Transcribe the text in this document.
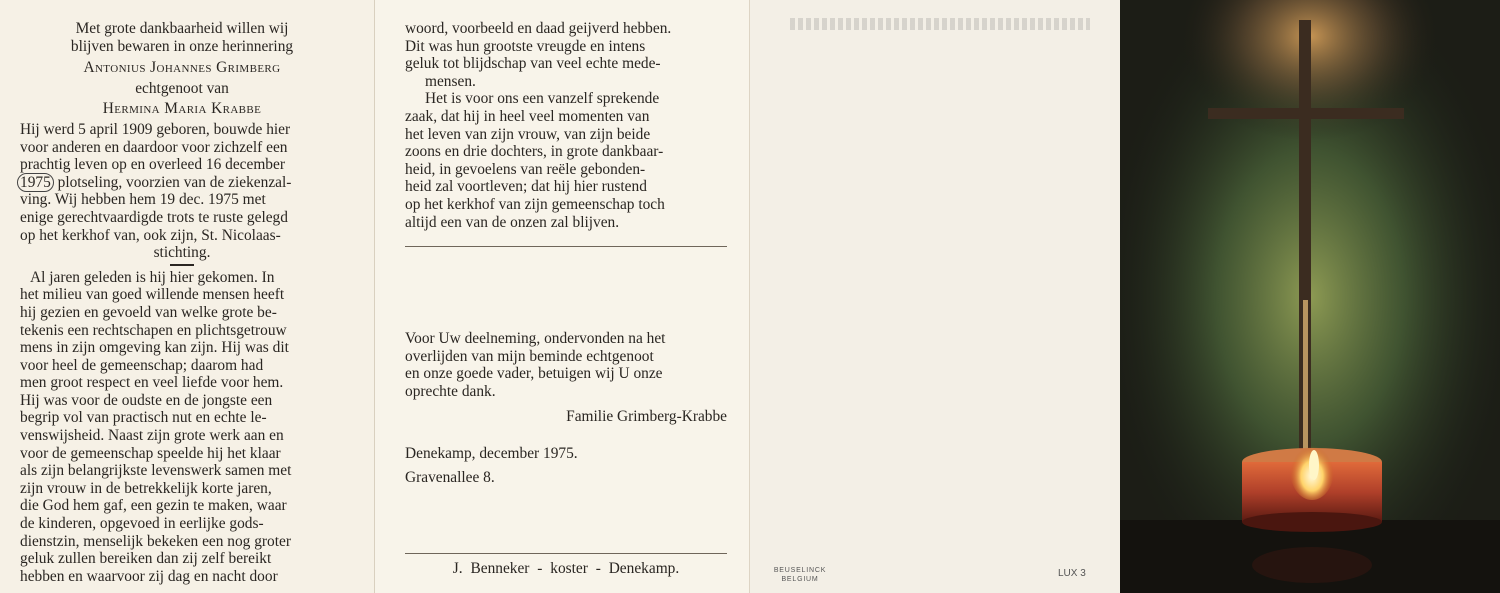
Met grote dankbaarheid willen wij
blijven bewaren in onze herinnering
Antonius Johannes Grimberg
echtgenoot van
Hermina Maria Krabbe
Hij werd 5 april 1909 geboren, bouwde hier
voor anderen en daardoor voor zichzelf een
prachtig leven op en overleed 16 december
1975 plotseling, voorzien van de ziekenzal-
ving. Wij hebben hem 19 dec. 1975 met
enige gerechtvaardigde trots te ruste gelegd
op het kerkhof van, ook zijn, St. Nicolaas-
stichting.
Al jaren geleden is hij hier gekomen. In
het milieu van goed willende mensen heeft
hij gezien en gevoeld van welke grote be-
tekenis een rechtschapen en plichtsgetrouw
mens in zijn omgeving kan zijn. Hij was dit
voor heel de gemeenschap; daarom had
men groot respect en veel liefde voor hem.
Hij was voor de oudste en de jongste een
begrip vol van practisch nut en echte le-
venswijsheid. Naast zijn grote werk aan en
voor de gemeenschap speelde hij het klaar
als zijn belangrijkste levenswerk samen met
zijn vrouw in de betrekkelijk korte jaren,
die God hem gaf, een gezin te maken, waar
de kinderen, opgevoed in eerlijke gods-
dienstzin, menselijk bekeken een nog groter
geluk zullen bereiken dan zij zelf bereikt
hebben en waarvoor zij dag en nacht door
woord, voorbeeld en daad geijverd hebben.
Dit was hun grootste vreugde en intens
geluk tot blijdschap van veel echte mede-
mensen.
Het is voor ons een vanzelf sprekende
zaak, dat hij in heel veel momenten van
het leven van zijn vrouw, van zijn beide
zoons en drie dochters, in grote dankbaar-
heid, in gevoelens van reële gebonden-
heid zal voortleven; dat hij hier rustend
op het kerkhof van zijn gemeenschap toch
altijd een van de onzen zal blijven.
Voor Uw deelneming, ondervonden na het
overlijden van mijn beminde echtgenoot
en onze goede vader, betuigen wij U onze
oprechte dank.
Familie Grimberg-Krabbe
Denekamp, december 1975.
Gravenallee 8.
J. Benneker - koster - Denekamp.	BEUSELINCK
BELGIUM
LUX 3
